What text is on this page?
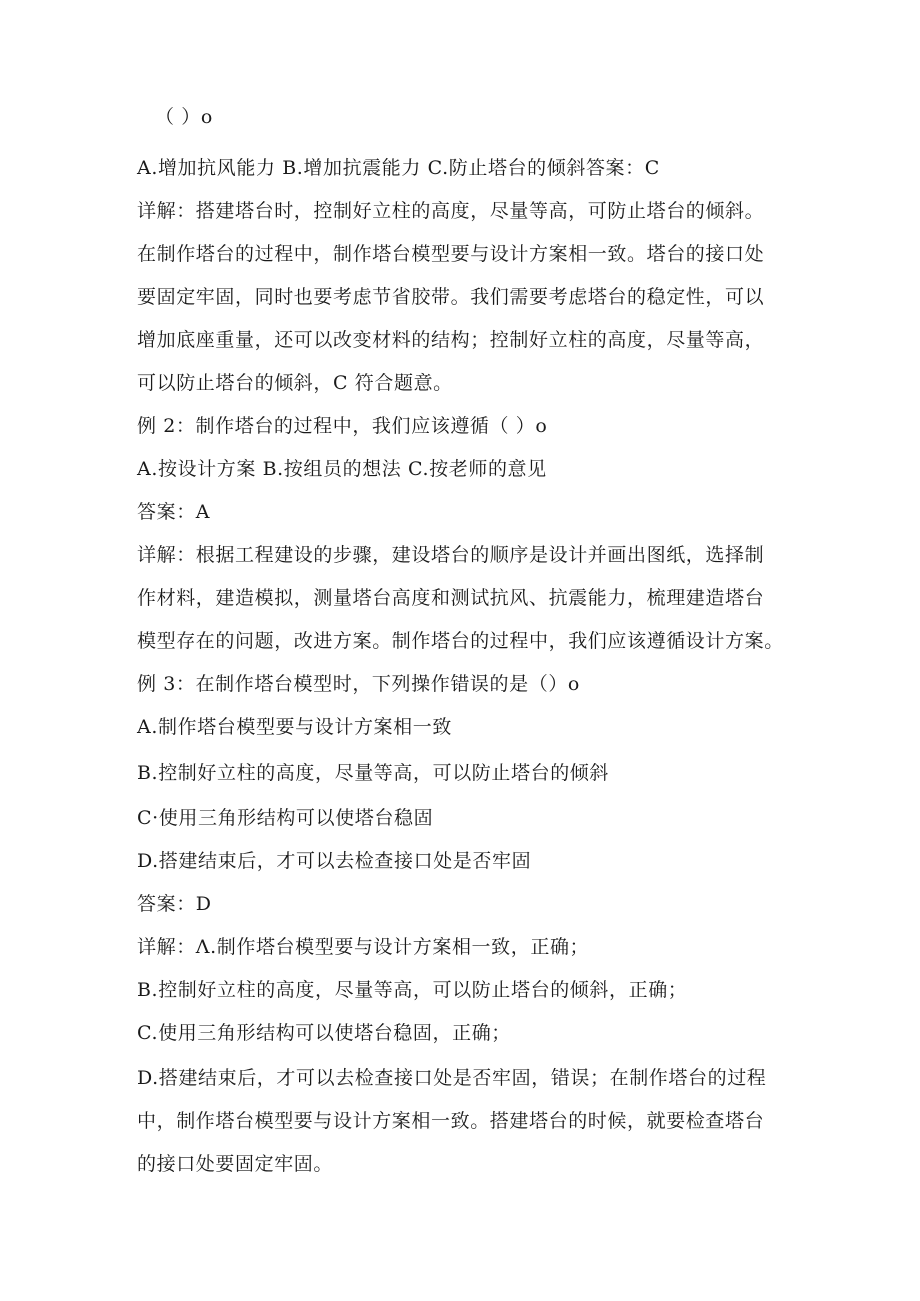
（ ）o
A.增加抗风能力 B.增加抗震能力 C.防止塔台的倾斜答案：C
详解：搭建塔台时，控制好立柱的高度，尽量等高，可防止塔台的倾斜。
在制作塔台的过程中，制作塔台模型要与设计方案相一致。塔台的接口处
要固定牢固，同时也要考虑节省胶带。我们需要考虑塔台的稳定性，可以
增加底座重量，还可以改变材料的结构；控制好立柱的高度，尽量等高，
可以防止塔台的倾斜，C 符合题意。
例 2：制作塔台的过程中，我们应该遵循（ ）o
A.按设计方案 B.按组员的想法 C.按老师的意见
答案：A
详解：根据工程建设的步骤，建设塔台的顺序是设计并画出图纸，选择制
作材料，建造模拟，测量塔台高度和测试抗风、抗震能力，梳理建造塔台
模型存在的问题，改进方案。制作塔台的过程中，我们应该遵循设计方案。
例 3：在制作塔台模型时，下列操作错误的是（）o
A.制作塔台模型要与设计方案相一致
B.控制好立柱的高度，尽量等高，可以防止塔台的倾斜
C·使用三角形结构可以使塔台稳固
D.搭建结束后，才可以去检查接口处是否牢固
答案：D
详解：Λ.制作塔台模型要与设计方案相一致，正确；
B.控制好立柱的高度，尽量等高，可以防止塔台的倾斜，正确；
C.使用三角形结构可以使塔台稳固，正确；
D.搭建结束后，才可以去检查接口处是否牢固，错误；在制作塔台的过程
中，制作塔台模型要与设计方案相一致。搭建塔台的时候，就要检查塔台
的接口处要固定牢固。
